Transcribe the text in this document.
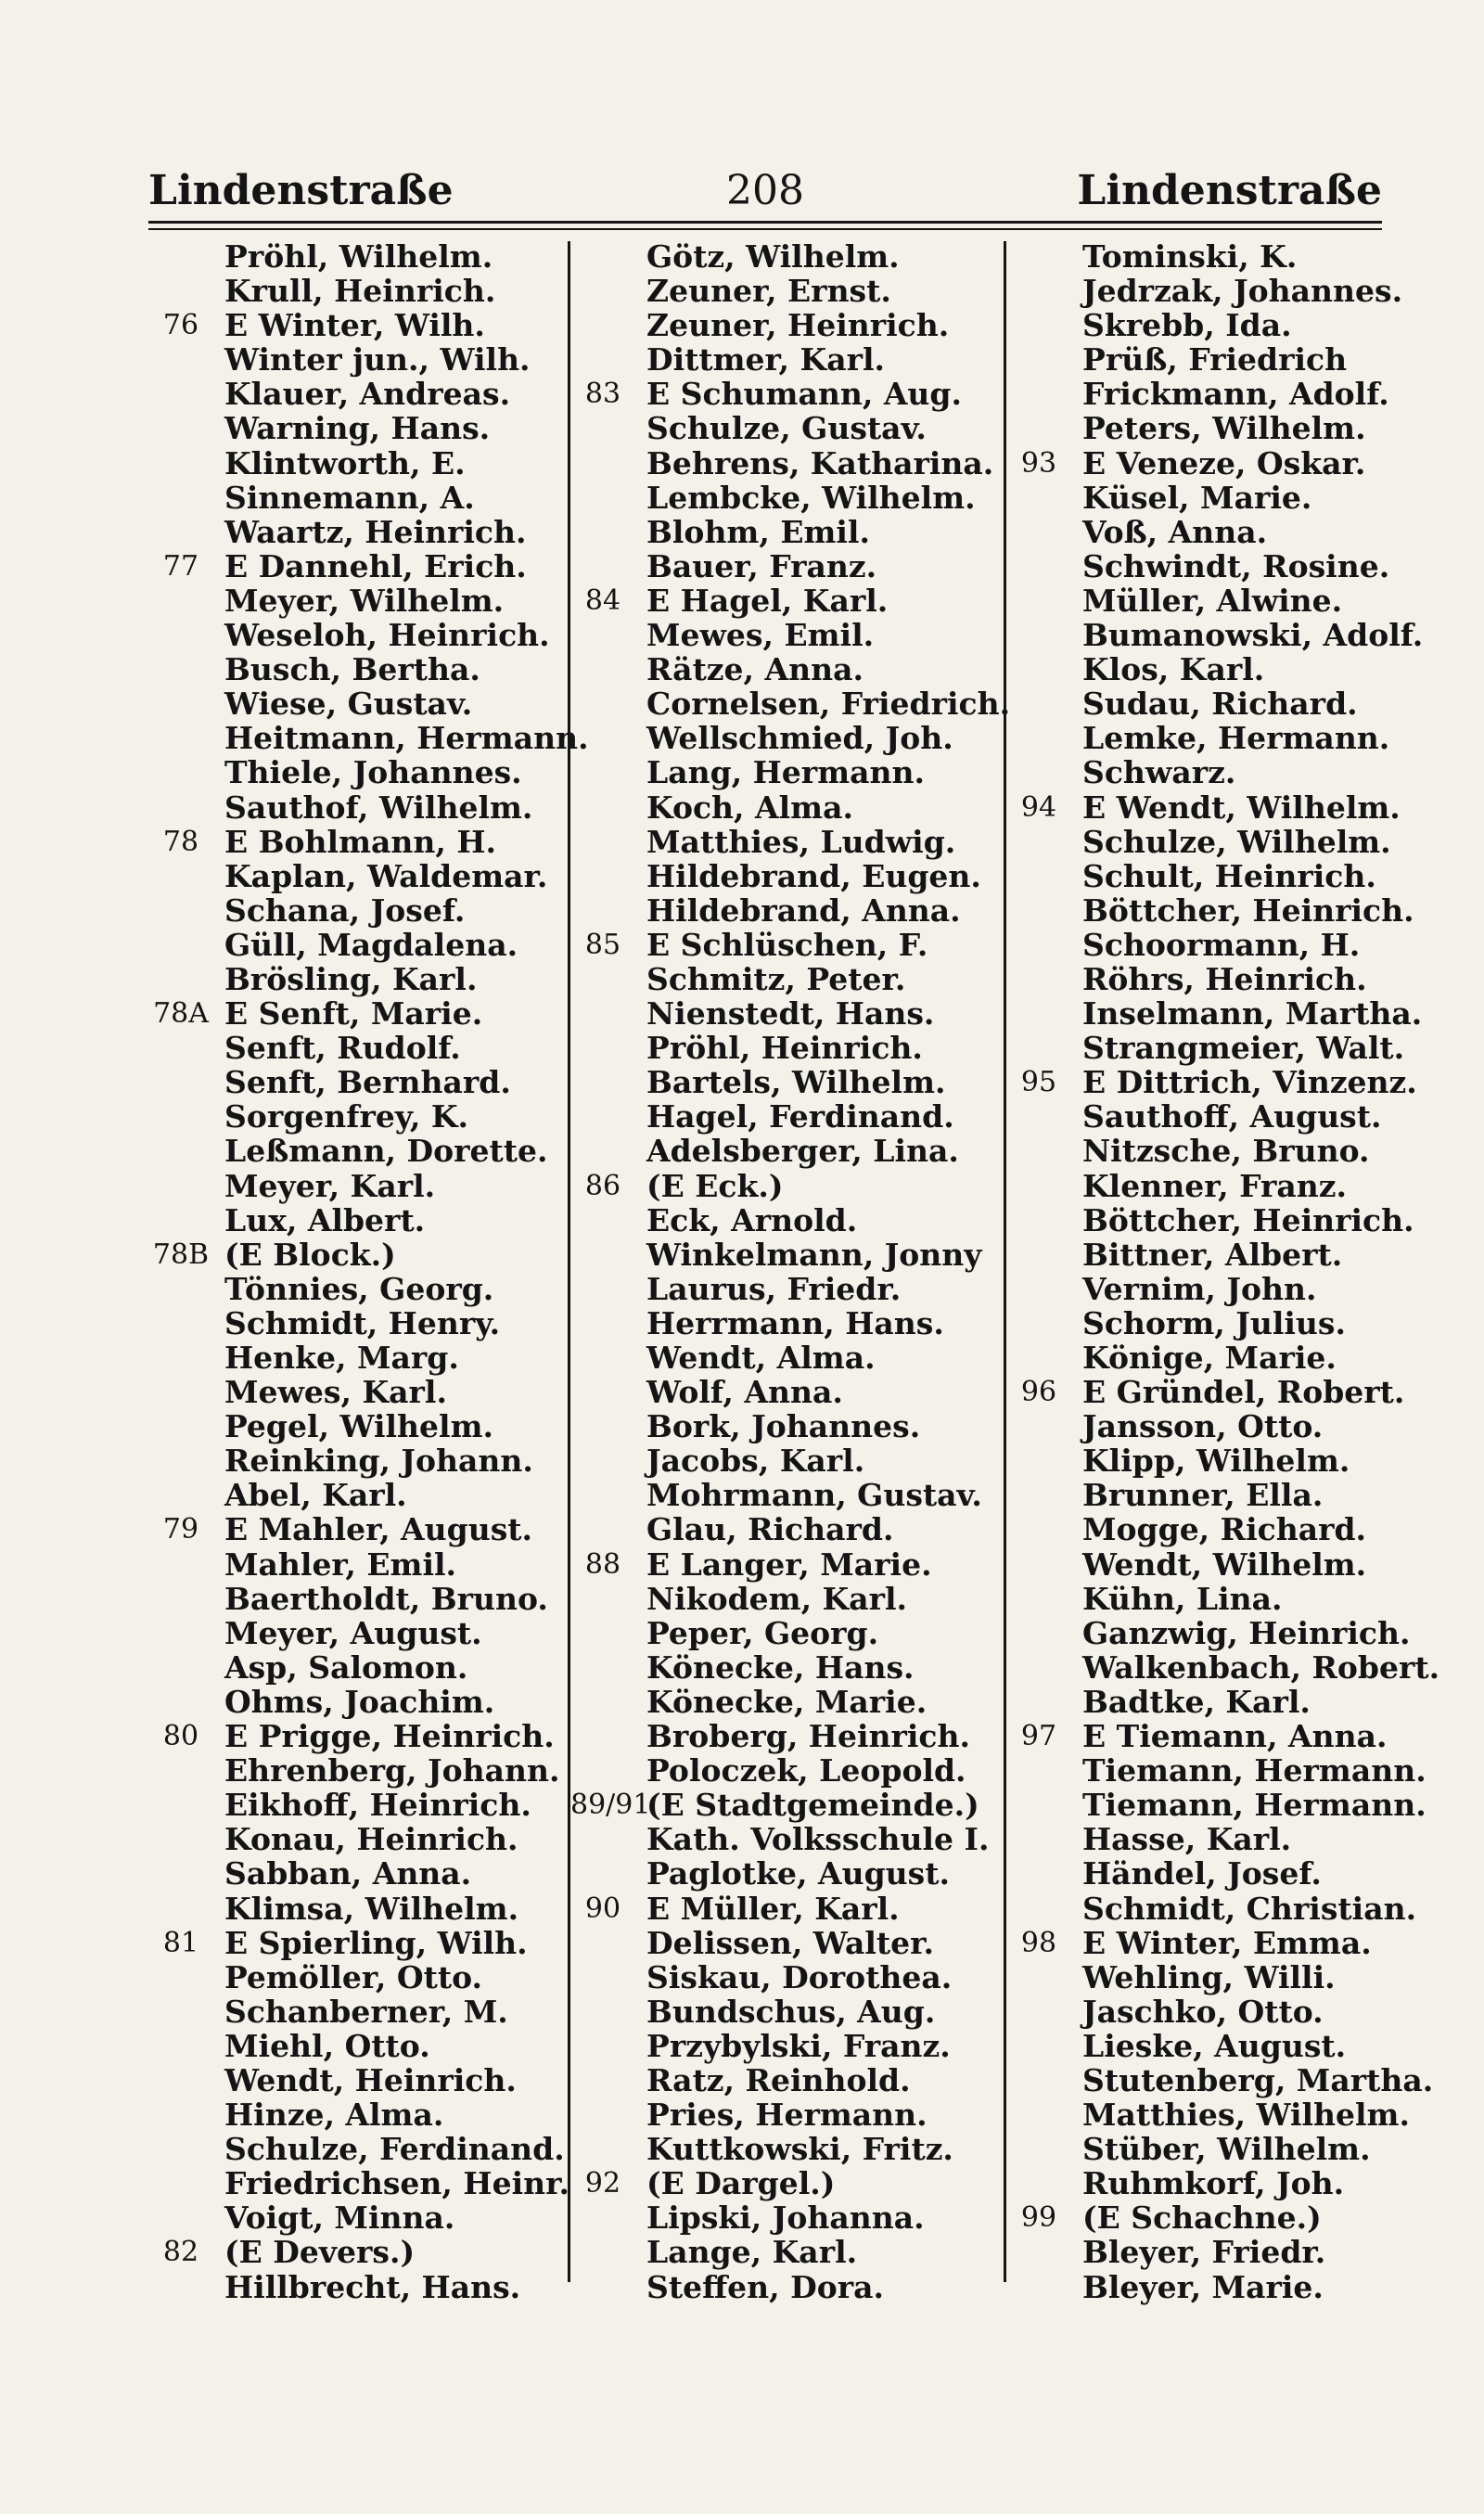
Lindenstraße	208	Lindenstraße
Pröhl, Wilhelm.
Krull, Heinrich.
76 E Winter, Wilh.
Winter jun., Wilh.
Klauer, Andreas.
Warning, Hans.
Klintworth, E.
Sinnemann, A.
Waartz, Heinrich.
77 E Dannehl, Erich.
Meyer, Wilhelm.
Weseloh, Heinrich.
Busch, Bertha.
Wiese, Gustav.
Heitmann, Hermann.
Thiele, Johannes.
Sauthof, Wilhelm.
78 E Bohlmann, H.
Kaplan, Waldemar.
Schana, Josef.
Güll, Magdalena.
Brösling, Karl.
78A E Senft, Marie.
Senft, Rudolf.
Senft, Bernhard.
Sorgenfrey, K.
Leßmann, Dorette.
Meyer, Karl.
Lux, Albert.
78B (E Block.)
Tönnies, Georg.
Schmidt, Henry.
Henke, Marg.
Mewes, Karl.
Pegel, Wilhelm.
Reinking, Johann.
Abel, Karl.
79 E Mahler, August.
Mahler, Emil.
Baertholdt, Bruno.
Meyer, August.
Asp, Salomon.
Ohms, Joachim.
80 E Prigge, Heinrich.
Ehrenberg, Johann.
Eikhoff, Heinrich.
Konau, Heinrich.
Sabban, Anna.
Klimsa, Wilhelm.
81 E Spierling, Wilh.
Pemöller, Otto.
Schanberner, M.
Miehl, Otto.
Wendt, Heinrich.
Hinze, Alma.
Schulze, Ferdinand.
Friedrichsen, Heinr.
Voigt, Minna.
82 (E Devers.)
Hillbrecht, Hans.
Götz, Wilhelm.
Zeuner, Ernst.
Zeuner, Heinrich.
Dittmer, Karl.
83 E Schumann, Aug.
Schulze, Gustav.
Behrens, Katharina.
Lembcke, Wilhelm.
Blohm, Emil.
Bauer, Franz.
84 E Hagel, Karl.
Mewes, Emil.
Rätze, Anna.
Cornelsen, Friedrich.
Wellschmied, Joh.
Lang, Hermann.
Koch, Alma.
Matthies, Ludwig.
Hildebrand, Eugen.
Hildebrand, Anna.
85 E Schlüschen, F.
Schmitz, Peter.
Nienstedt, Hans.
Pröhl, Heinrich.
Bartels, Wilhelm.
Hagel, Ferdinand.
Adelsberger, Lina.
86 (E Eck.)
Eck, Arnold.
Winkelmann, Jonny
Laurus, Friedr.
Herrmann, Hans.
Wendt, Alma.
Wolf, Anna.
Bork, Johannes.
Jacobs, Karl.
Mohrmann, Gustav.
Glau, Richard.
88 E Langer, Marie.
Nikodem, Karl.
Peper, Georg.
Könecke, Hans.
Könecke, Marie.
Broberg, Heinrich.
Poloczek, Leopold.
89/91
(E Stadtgemeinde.)
Kath. Volksschule I.
Paglotke, August.
90 E Müller, Karl.
Delissen, Walter.
Siskau, Dorothea.
Bundschus, Aug.
Przybylski, Franz.
Ratz, Reinhold.
Pries, Hermann.
Kuttkowski, Fritz.
92 (E Dargel.)
Lipski, Johanna.
Lange, Karl.
Steffen, Dora.
Tominski, K.
Jedrzak, Johannes.
Skrebb, Ida.
Prüß, Friedrich
Frickmann, Adolf.
Peters, Wilhelm.
93 E Veneze, Oskar.
Küsel, Marie.
Voß, Anna.
Schwindt, Rosine.
Müller, Alwine.
Bumanowski, Adolf.
Klos, Karl.
Sudau, Richard.
Lemke, Hermann.
Schwarz.
94 E Wendt, Wilhelm.
Schulze, Wilhelm.
Schult, Heinrich.
Böttcher, Heinrich.
Schoormann, H.
Röhrs, Heinrich.
Inselmann, Martha.
Strangmeier, Walt.
95 E Dittrich, Vinzenz.
Sauthoff, August.
Nitzsche, Bruno.
Klenner, Franz.
Böttcher, Heinrich.
Bittner, Albert.
Vernim, John.
Schorm, Julius.
Könige, Marie.
96 E Gründel, Robert.
Jansson, Otto.
Klipp, Wilhelm.
Brunner, Ella.
Mogge, Richard.
Wendt, Wilhelm.
Kühn, Lina.
Ganzwig, Heinrich.
Walkenbach, Robert.
Badtke, Karl.
97 E Tiemann, Anna.
Tiemann, Hermann.
Tiemann, Hermann.
Hasse, Karl.
Händel, Josef.
Schmidt, Christian.
98 E Winter, Emma.
Wehling, Willi.
Jaschko, Otto.
Lieske, August.
Stutenberg, Martha.
Matthies, Wilhelm.
Stüber, Wilhelm.
Ruhmkorf, Joh.
99 (E Schachne.)
Bleyer, Friedr.
Bleyer, Marie.
